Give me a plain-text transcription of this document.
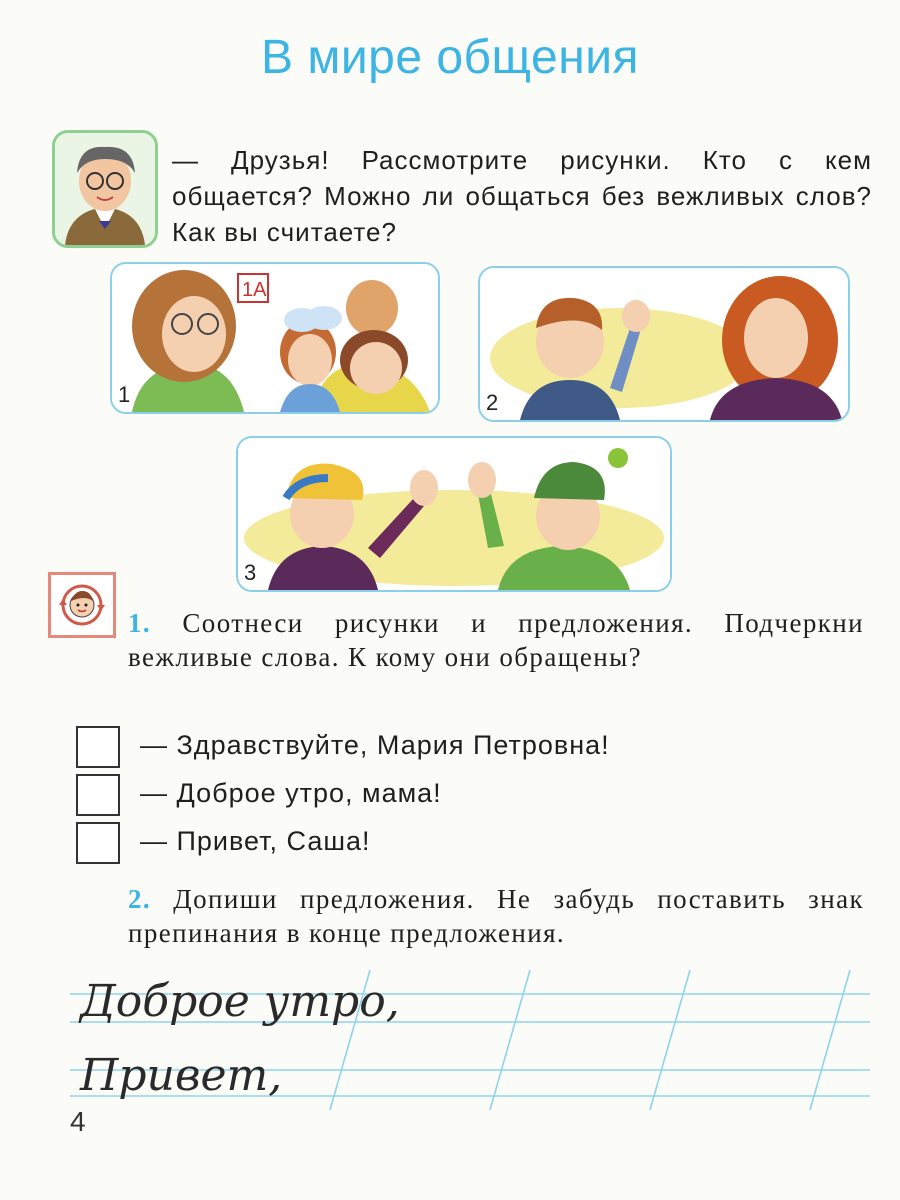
В мире общения
— Друзья! Рассмотрите рисунки. Кто с кем общается? Можно ли общаться без вежливых слов? Как вы считаете?
1А
1	2
3
1. Соотнеси рисунки и предложения. Подчеркни вежливые слова. К кому они обращены?
— Здравствуйте, Мария Петровна!
— Доброе утро, мама!
— Привет, Саша!
2. Допиши предложения. Не забудь поставить знак препинания в конце предложения.
Доброе утро,
Привет,
4
